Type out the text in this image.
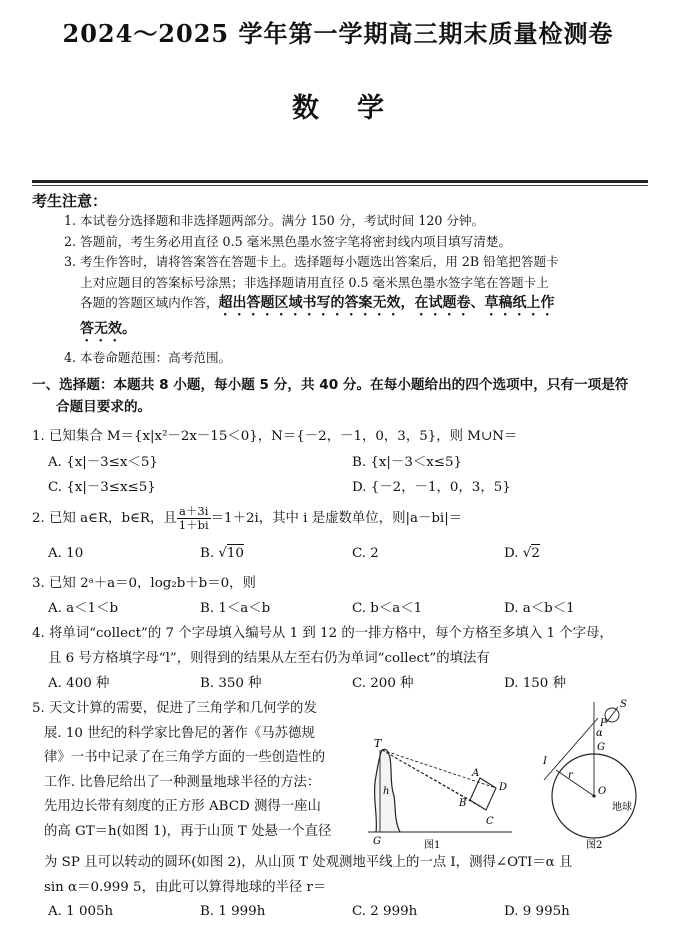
2024～2025 学年第一学期高三期末质量检测卷
数学
考生注意：
1. 本试卷分选择题和非选择题两部分。满分 150 分，考试时间 120 分钟。
2. 答题前，考生务必用直径 0.5 毫米黑色墨水签字笔将密封线内项目填写清楚。
3. 考生作答时，请将答案答在答题卡上。选择题每小题选出答案后，用 2B 铅笔把答题卡
上对应题目的答案标号涂黑；非选择题请用直径 0.5 毫米黑色墨水签字笔在答题卡上
各题的答题区域内作答，超出答题区域书写的答案无效，在试题卷、草稿纸上作
答无效。
4. 本卷命题范围：高考范围。
一、选择题：本题共 8 小题，每小题 5 分，共 40 分。在每小题给出的四个选项中，只有一项是符
合题目要求的。
1. 已知集合 M＝{x|x²－2x－15＜0}，N＝{－2，－1，0，3，5}，则 M∪N＝
A. {x|－3≤x＜5}	B. {x|－3＜x≤5}
C. {x|－3≤x≤5}	D. {－2，－1，0，3，5}
2. 已知 a∈R，b∈R，且 $\frac{a+3i}{1+bi} =1+2i$，其中 i 是虚数单位，则|a－bi|＝
A. 10	B. √10	C. 2	D. √2
3. 已知 2ᵃ＋a＝0，log₂b＋b＝0，则
A. a＜1＜b	B. 1＜a＜b	C. b＜a＜1	D. a＜b＜1
4. 将单词“collect”的 7 个字母填入编号从 1 到 12 的一排方格中，每个方格至多填入 1 个字母，
且 6 号方格填字母“l”，则得到的结果从左至右仍为单词“collect”的填法有
A. 400 种	B. 350 种	C. 200 种	D. 150 种
5. 天文计算的需要，促进了三角学和几何学的发
展. 10 世纪的科学家比鲁尼的著作《马苏德规
律》一书中记录了在三角学方面的一些创造性的
工作. 比鲁尼给出了一种测量地球半径的方法：
先用边长带有刻度的正方形 ABCD 测得一座山
的高 GT＝h(如图 1)，再于山顶 T 处悬一个直径
为 SP 且可以转动的圆环(如图 2)，从山顶 T 处观测地平线上的一点 I，测得∠OTI＝α 且
sin α＝0.999 5，由此可以算得地球的半径 r＝
A. 1 005h	B. 1 999h	C. 2 999h	D. 9 995h
T
h
A
D
B
C
G	图1
S
P
α
G
I
r
O
地球
图2
